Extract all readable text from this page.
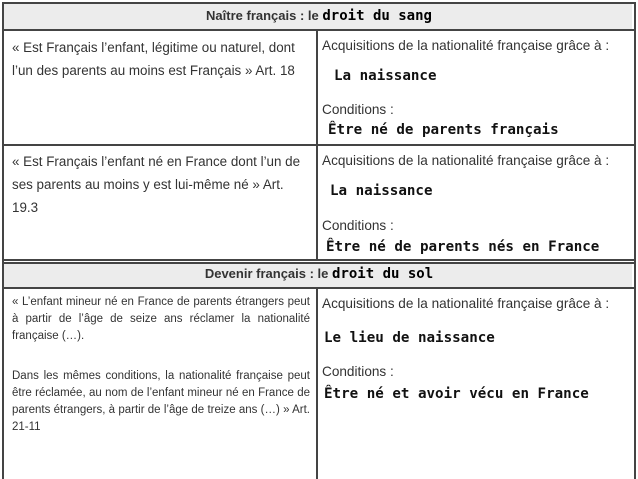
Naître français : le droit du sang
« Est Français l’enfant, légitime ou naturel, dont l’un des parents au moins est Français » Art. 18
Acquisitions de la nationalité française grâce à :
La naissance
Conditions :
Être né de parents français
« Est Français l’enfant né en France dont l’un de ses parents au moins y est lui-même né » Art. 19.3
Acquisitions de la nationalité française grâce à :
La naissance
Conditions :
Être né de parents nés en France
Devenir français : le droit du sol
« L’enfant mineur né en France de parents étrangers peut à partir de l’âge de seize ans réclamer la nationalité française (…).
Dans les mêmes conditions, la nationalité française peut être réclamée, au nom de l’enfant mineur né en France de parents étrangers, à partir de l’âge de treize ans (…) » Art. 21-11
Acquisitions de la nationalité française grâce à :
Le lieu de naissance
Conditions :
Être né et avoir vécu en France
